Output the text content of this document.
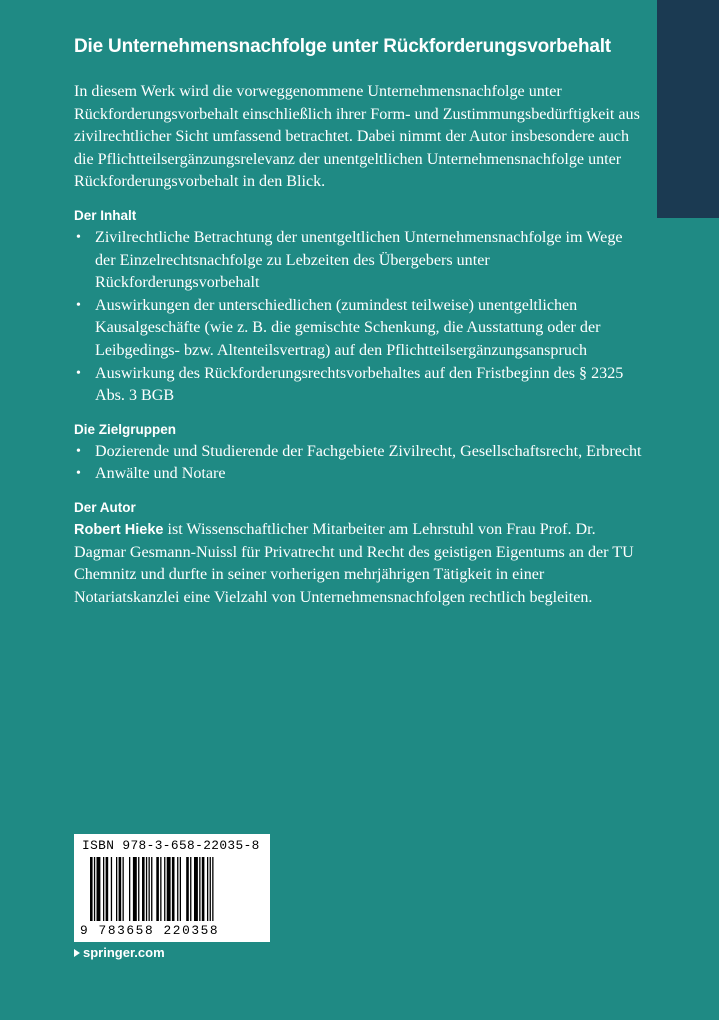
Die Unternehmensnachfolge unter Rückforderungsvorbehalt

In diesem Werk wird die vorweggenommene Unternehmensnachfolge unter Rückforderungsvorbehalt einschließlich ihrer Form- und Zustimmungsbedürftigkeit aus zivilrechtlicher Sicht umfassend betrachtet. Dabei nimmt der Autor insbesondere auch die Pflichtteilsergänzungsrelevanz der unentgeltlichen Unternehmensnachfolge unter Rückforderungsvorbehalt in den Blick.

Der Inhalt
• Zivilrechtliche Betrachtung der unentgeltlichen Unternehmensnachfolge im Wege der Einzelrechtsnachfolge zu Lebzeiten des Übergebers unter Rückforderungsvorbehalt
• Auswirkungen der unterschiedlichen (zumindest teilweise) unentgeltlichen Kausalgeschäfte (wie z. B. die gemischte Schenkung, die Ausstattung oder der Leibgedings- bzw. Altenteilsvertrag) auf den Pflichtteilsergänzungsanspruch
• Auswirkung des Rückforderungsrechtsvorbehaltes auf den Fristbeginn des § 2325 Abs. 3 BGB
Die Zielgruppen
• Dozierende und Studierende der Fachgebiete Zivilrecht, Gesellschaftsrecht, Erbrecht
• Anwälte und Notare
Der Autor

Robert Hieke ist Wissenschaftlicher Mitarbeiter am Lehrstuhl von Frau Prof. Dr. Dagmar Gesmann-Nuissl für Privatrecht und Recht des geistigen Eigentums an der TU Chemnitz und durfte in seiner vorherigen mehrjährigen Tätigkeit in einer Notariatskanzlei eine Vielzahl von Unternehmensnachfolgen rechtlich begleiten.

ISBN 978-3-658-22035-8
9 783658 220358
springer.com
